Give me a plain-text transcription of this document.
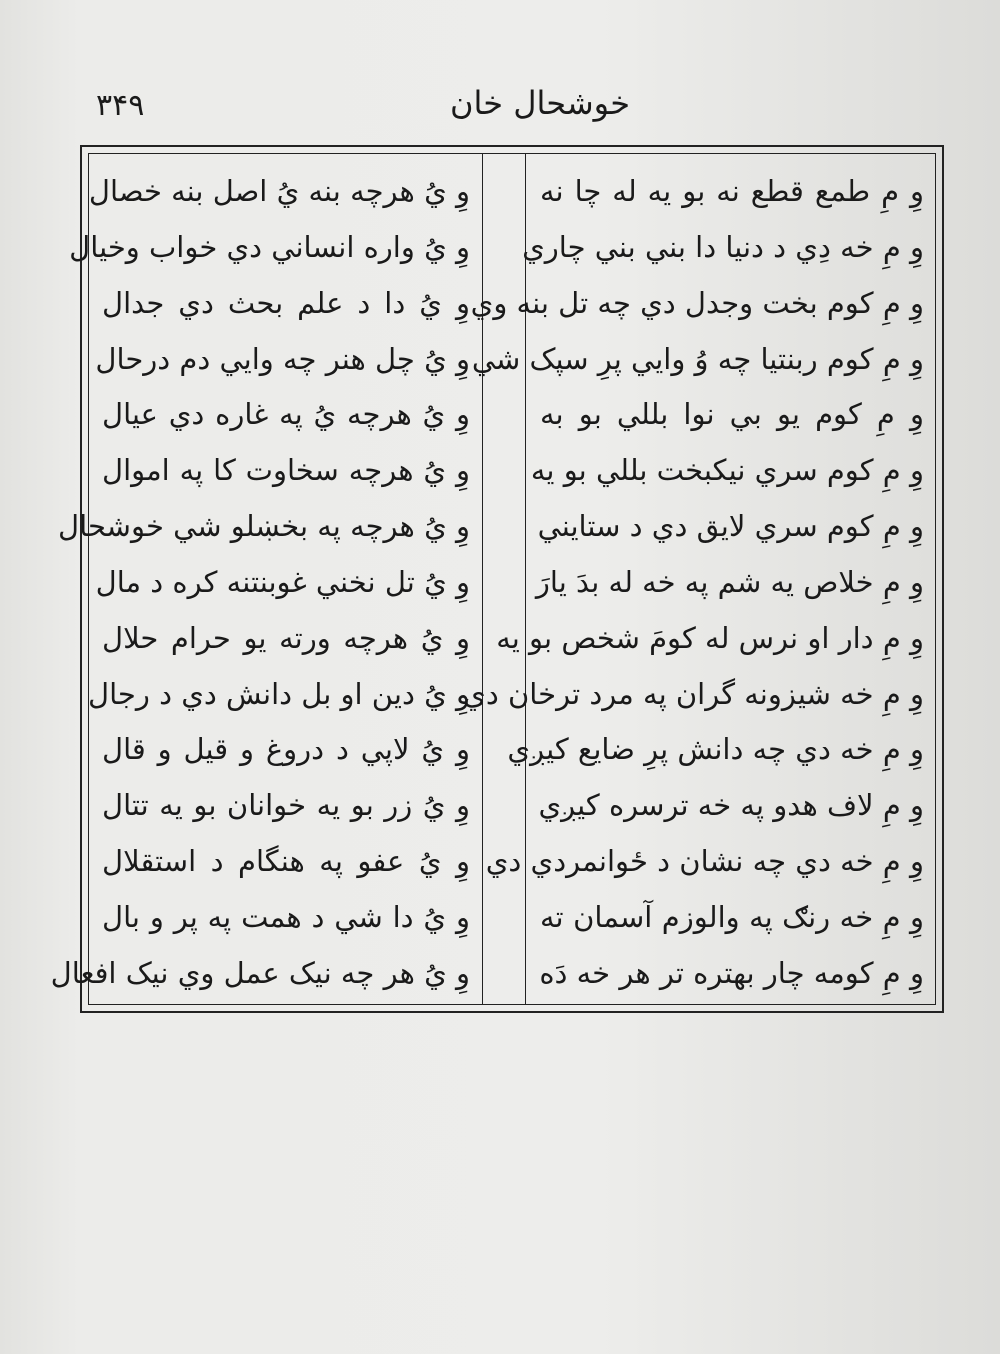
۳۴۹	خوشحال خان
وِ مِ طمع قطع نه بو يه له چا نه
وِ مِ خه دِي د دنيا دا بني بني چاري
وِ مِ كوم بخت وجدل دي چه تل بنه وي
وِ مِ كوم ربنتيا چه وُ وايي پرِ سپک شي
وِ مِ كوم يو بي نوا بللي بو به
وِ مِ كوم سري نيكبخت بللي بو يه
وِ مِ كوم سري لايق دي د ستايني
وِ مِ خلاص يه شم په خه له بدَ يارَ
وِ مِ دار او نرس له كومَ شخص بو يه
وِ مِ خه شيزونه گران په مرد ترخان دي
وِ مِ خه دي چه دانش پرِ ضايع كيږي
وِ مِ لاف هدو په خه ترسره كيږي
وِ مِ خه دي چه نشان د ځوانمردي دي
وِ مِ خه رنګ په والوزم آسمان ته
وِ مِ كومه چار بهتره تر هر خه دَه
وِ يُ هرچه بنه يُ اصل بنه خصال
وِ يُ واره انساني دي خواب وخيال
وِ يُ دا د علم بحث دي جدال
وِ يُ چل هنر چه وايي دم درحال
وِ يُ هرچه يُ په غاره دي عيال
وِ يُ هرچه سخاوت كا په اموال
وِ يُ هرچه په بخښلو شي خوشحال
وِ يُ تل نخني غوبنتنه كره د مال
وِ يُ هرچه ورته يو حرام حلال
وِ يُ دين او بل دانش دي د رجال
وِ يُ لاپي د دروغ و قيل و قال
وِ يُ زر بو يه خوانان بو يه تتال
وِ يُ عفو په هنگام د استقلال
وِ يُ دا شي د همت په پر و بال
وِ يُ هر چه نيک عمل وي نيک افعال
